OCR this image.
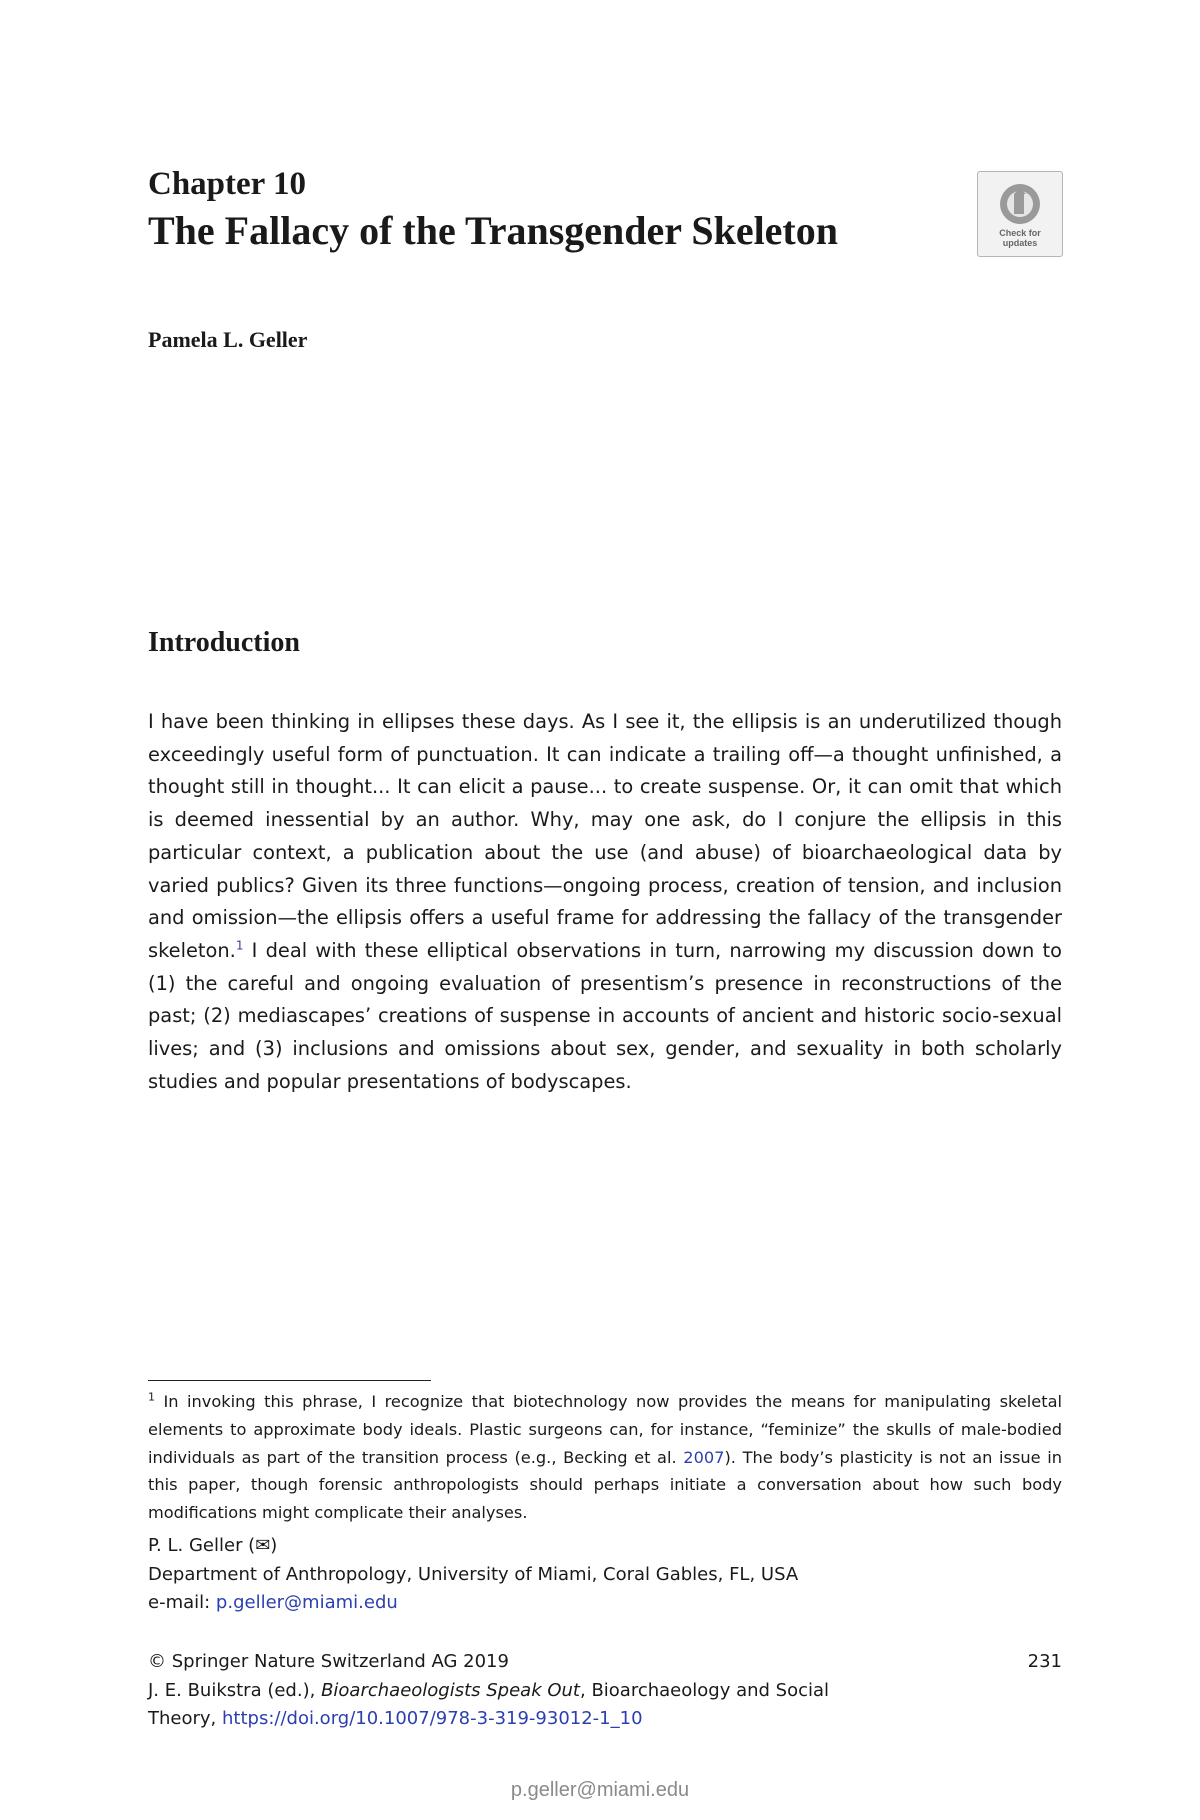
Chapter 10
The Fallacy of the Transgender Skeleton	Check for
updates
Pamela L. Geller
Introduction

I have been thinking in ellipses these days. As I see it, the ellipsis is an underutilized though exceedingly useful form of punctuation. It can indicate a trailing off—a thought unfinished, a thought still in thought... It can elicit a pause... to create suspense. Or, it can omit that which is deemed inessential by an author. Why, may one ask, do I conjure the ellipsis in this particular context, a publication about the use (and abuse) of bioarchaeological data by varied publics? Given its three functions—ongoing process, creation of tension, and inclusion and omission—the ellipsis offers a useful frame for addressing the fallacy of the transgender skeleton.$^1$ I deal with these elliptical observations in turn, narrowing my discussion down to (1) the careful and ongoing evaluation of presentism’s presence in reconstructions of the past; (2) mediascapes’ creations of suspense in accounts of ancient and historic socio-sexual lives; and (3) inclusions and omissions about sex, gender, and sexuality in both scholarly studies and popular presentations of bodyscapes.

$^1$ In invoking this phrase, I recognize that biotechnology now provides the means for manipulating skeletal elements to approximate body ideals. Plastic surgeons can, for instance, “feminize” the skulls of male-bodied individuals as part of the transition process (e.g., Becking et al. 2007). The body’s plasticity is not an issue in this paper, though forensic anthropologists should perhaps initiate a conversation about how such body modifications might complicate their analyses.

P. L. Geller (✉)
Department of Anthropology, University of Miami, Coral Gables, FL, USA
e-mail: p.geller@miami.edu
© Springer Nature Switzerland AG 2019	231
J. E. Buikstra (ed.), Bioarchaeologists Speak Out, Bioarchaeology and Social
Theory, https://doi.org/10.1007/978-3-319-93012-1_10
p.geller@miami.edu
